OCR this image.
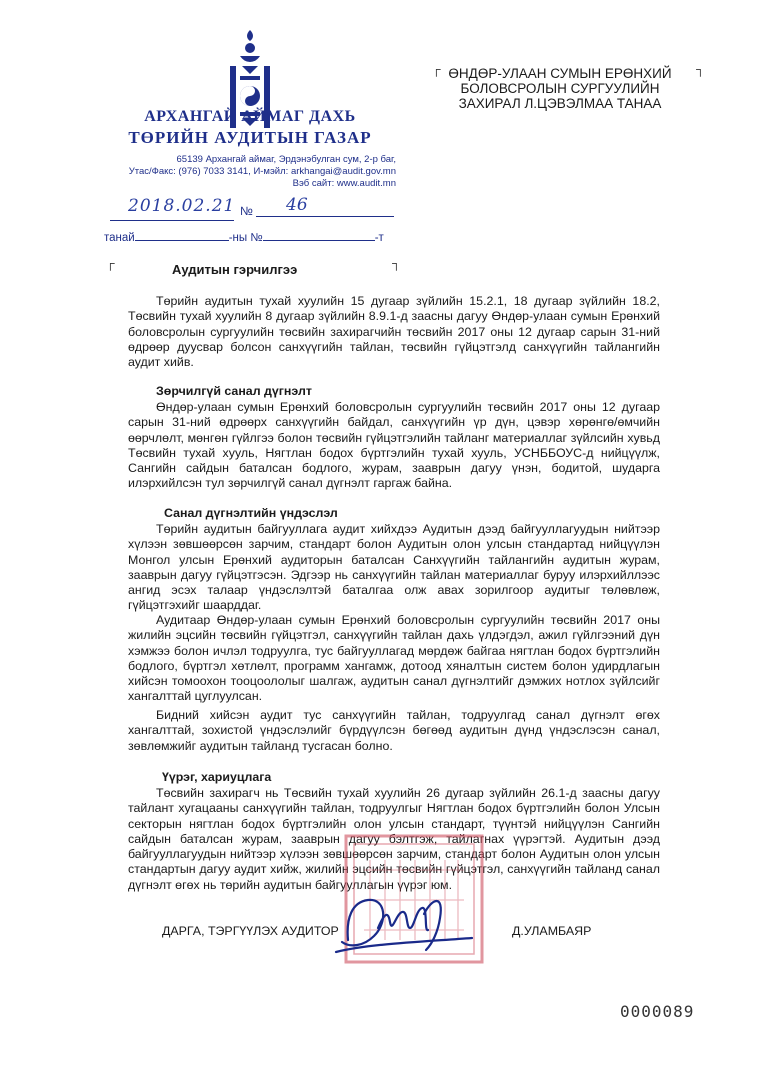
АРХАНГАЙ АЙМАГ ДАХЬ
ТӨРИЙН АУДИТЫН ГАЗАР
65139 Архангай аймаг, Эрдэнэбулган сум, 2-р баг,
Утас/Факс: (976) 7033 3141, И-мэйл: arkhangai@audit.gov.mn
Вэб сайт: www.audit.mn
2018.02.21 № 46
танай	-ны №	-т
┌	┐
┌	┐
ӨНДӨР-УЛААН СУМЫН ЕРӨНХИЙ
БОЛОВСРОЛЫН СУРГУУЛИЙН
ЗАХИРАЛ Л.ЦЭВЭЛМАА ТАНАА
Аудитын гэрчилгээ
Төрийн аудитын тухай хуулийн 15 дугаар зүйлийн 15.2.1, 18 дугаар зүйлийн 18.2, Төсвийн тухай хуулийн 8 дугаар зүйлийн 8.9.1-д заасны дагуу Өндөр-улаан сумын Ерөнхий боловсролын сургуулийн төсвийн захирагчийн төсвийн 2017 оны 12 дугаар сарын 31-ний өдрөөр дуусвар болсон санхүүгийн тайлан, төсвийн гүйцэтгэлд санхүүгийн тайлангийн аудит хийв.
Зөрчилгүй санал дүгнэлт
Өндөр-улаан сумын Ерөнхий боловсролын сургуулийн төсвийн 2017 оны 12 дугаар сарын 31-ний өдрөөрх санхүүгийн байдал, санхүүгийн үр дүн, цэвэр хөрөнгө/өмчийн өөрчлөлт, мөнгөн гүйлгээ болон төсвийн гүйцэтгэлийн тайланг материаллаг зүйлсийн хувьд Төсвийн тухай хууль, Нягтлан бодох бүртгэлийн тухай хууль, УСНББОУС-д нийцүүлж, Сангийн сайдын баталсан бодлого, журам, зааврын дагуу үнэн, бодитой, шударга илэрхийлсэн тул зөрчилгүй санал дүгнэлт гаргаж байна.
Санал дүгнэлтийн үндэслэл
Төрийн аудитын байгууллага аудит хийхдээ Аудитын дээд байгууллагуудын нийтээр хүлээн зөвшөөрсөн зарчим, стандарт болон Аудитын олон улсын стандартад нийцүүлэн Монгол улсын Ерөнхий аудиторын баталсан Санхүүгийн тайлангийн аудитын журам, зааврын дагуу гүйцэтгэсэн. Эдгээр нь санхүүгийн тайлан материаллаг буруу илэрхийллээс ангид эсэх талаар үндэслэлтэй баталгаа олж авах зорилгоор аудитыг төлөвлөж, гүйцэтгэхийг шаарддаг.
Аудитаар Өндөр-улаан сумын Ерөнхий боловсролын сургуулийн төсвийн 2017 оны жилийн эцсийн төсвийн гүйцэтгэл, санхүүгийн тайлан дахь үлдэгдэл, ажил гүйлгээний дүн хэмжээ болон ичлэл тодруулга, тус байгууллагад мөрдөж байгаа нягтлан бодох бүртгэлийн бодлого, бүртгэл хөтлөлт, программ хангамж, дотоод хяналтын систем болон удирдлагын хийсэн томоохон тооцоололыг шалгаж, аудитын санал дүгнэлтийг дэмжих нотлох зүйлсийг хангалттай цуглуулсан.
Бидний хийсэн аудит тус санхүүгийн тайлан, тодруулгад санал дүгнэлт өгөх хангалттай, зохистой үндэслэлийг бүрдүүлсэн бөгөөд аудитын дүнд үндэслэсэн санал, зөвлөмжийг аудитын тайланд тусгасан болно.
Үүрэг, хариуцлага
Төсвийн захирагч нь Төсвийн тухай хуулийн 26 дугаар зүйлийн 26.1-д заасны дагуу тайлант хугацааны санхүүгийн тайлан, тодруулгыг Нягтлан бодох бүртгэлийн болон Улсын секторын нягтлан бодох бүртгэлийн олон улсын стандарт, түүнтэй нийцүүлэн Сангийн сайдын баталсан журам, зааврын дагуу бэлтгэж, тайлагнах үүрэгтэй. Аудитын дээд байгууллагуудын нийтээр хүлээн зөвшөөрсөн зарчим, стандарт болон Аудитын олон улсын стандартын дагуу аудит хийж, жилийн эцсийн төсвийн гүйцэтгэл, санхүүгийн тайланд санал дүгнэлт өгөх нь төрийн аудитын байгууллагын үүрэг юм.
ДАРГА, ТЭРГҮҮЛЭХ АУДИТОР	Д.УЛАМБАЯР
0000089
